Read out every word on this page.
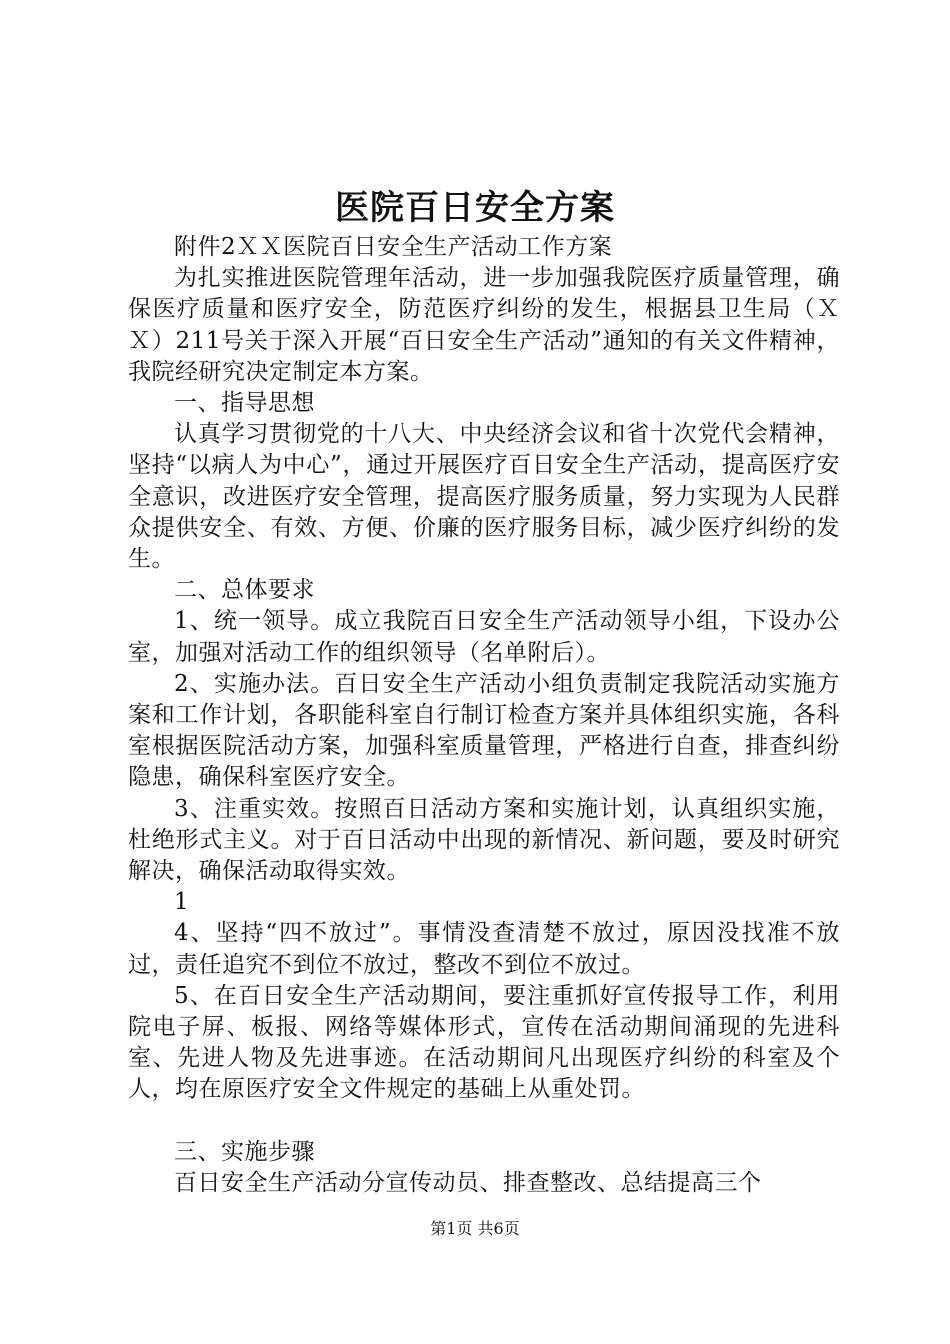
医院百日安全方案

附件2ＸＸ医院百日安全生产活动工作方案

为扎实推进医院管理年活动，进一步加强我院医疗质量管理，确保医疗质量和医疗安全，防范医疗纠纷的发生，根据县卫生局（ＸＸ）211号关于深入开展“百日安全生产活动”通知的有关文件精神，我院经研究决定制定本方案。

一、指导思想

认真学习贯彻党的十八大、中央经济会议和省十次党代会精神，坚持“以病人为中心”，通过开展医疗百日安全生产活动，提高医疗安全意识，改进医疗安全管理，提高医疗服务质量，努力实现为人民群众提供安全、有效、方便、价廉的医疗服务目标，减少医疗纠纷的发生。

二、总体要求

1、统一领导。成立我院百日安全生产活动领导小组，下设办公室，加强对活动工作的组织领导（名单附后）。

2、实施办法。百日安全生产活动小组负责制定我院活动实施方案和工作计划，各职能科室自行制订检查方案并具体组织实施，各科室根据医院活动方案，加强科室质量管理，严格进行自查，排查纠纷隐患，确保科室医疗安全。

3、注重实效。按照百日活动方案和实施计划，认真组织实施，杜绝形式主义。对于百日活动中出现的新情况、新问题，要及时研究解决，确保活动取得实效。

1

4、坚持“四不放过”。事情没查清楚不放过，原因没找准不放过，责任追究不到位不放过，整改不到位不放过。

5、在百日安全生产活动期间，要注重抓好宣传报导工作，利用院电子屏、板报、网络等媒体形式，宣传在活动期间涌现的先进科室、先进人物及先进事迹。在活动期间凡出现医疗纠纷的科室及个人，均在原医疗安全文件规定的基础上从重处罚。

三、实施步骤

百日安全生产活动分宣传动员、排查整改、总结提高三个

第1页 共6页
